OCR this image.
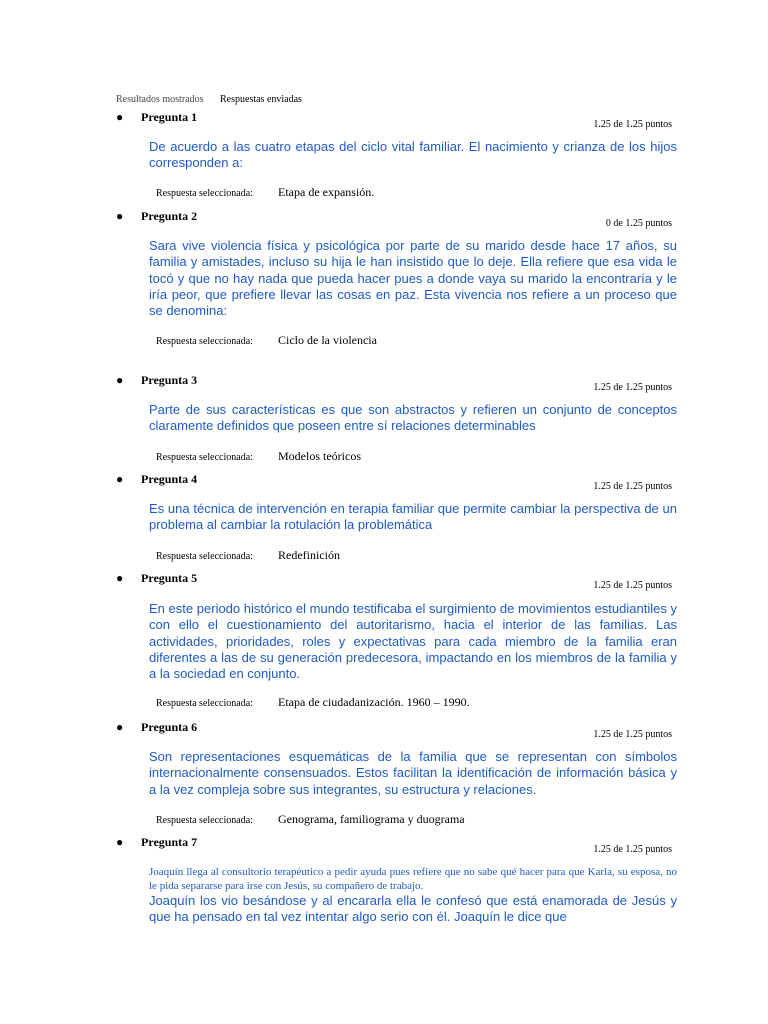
Resultados mostrados Respuestas enviadas
● Pregunta 1
1.25 de 1.25 puntos
De acuerdo a las cuatro etapas del ciclo vital familiar. El nacimiento y crianza de los hijos corresponden a:
Respuesta seleccionada: Etapa de expansión.
● Pregunta 2
0 de 1.25 puntos
Sara vive violencia física y psicológica por parte de su marido desde hace 17 años, su familia y amistades, incluso su hija le han insistido que lo deje. Ella refiere que esa vida le tocó y que no hay nada que pueda hacer pues a donde vaya su marido la encontraría y le iría peor, que prefiere llevar las cosas en paz. Esta vivencia nos refiere a un proceso que se denomina:
Respuesta seleccionada: Ciclo de la violencia
● Pregunta 3
1.25 de 1.25 puntos
Parte de sus características es que son abstractos y refieren un conjunto de conceptos claramente definidos que poseen entre sí relaciones determinables
Respuesta seleccionada: Modelos teóricos
● Pregunta 4
1.25 de 1.25 puntos
Es una técnica de intervención en terapia familiar que permite cambiar la perspectiva de un problema al cambiar la rotulación la problemática
Respuesta seleccionada: Redefinición
● Pregunta 5
1.25 de 1.25 puntos
En este periodo histórico el mundo testificaba el surgimiento de movimientos estudiantiles y con ello el cuestionamiento del autoritarismo, hacia el interior de las familias. Las actividades, prioridades, roles y expectativas para cada miembro de la familia eran diferentes a las de su generación predecesora, impactando en los miembros de la familia y a la sociedad en conjunto.
Respuesta seleccionada: Etapa de ciudadanización. 1960 – 1990.
● Pregunta 6
1.25 de 1.25 puntos
Son representaciones esquemáticas de la familia que se representan con símbolos internacionalmente consensuados. Estos facilitan la identificación de información básica y a la vez compleja sobre sus integrantes, su estructura y relaciones.
Respuesta seleccionada: Genograma, familiograma y duograma
● Pregunta 7
1.25 de 1.25 puntos
Joaquín llega al consultorio terapéutico a pedir ayuda pues refiere que no sabe qué hacer para que Karla, su esposa, no le pida separarse para irse con Jesús, su compañero de trabajo.
Joaquín los vio besándose y al encararla ella le confesó que está enamorada de Jesús y que ha pensado en tal vez intentar algo serio con él. Joaquín le dice que
